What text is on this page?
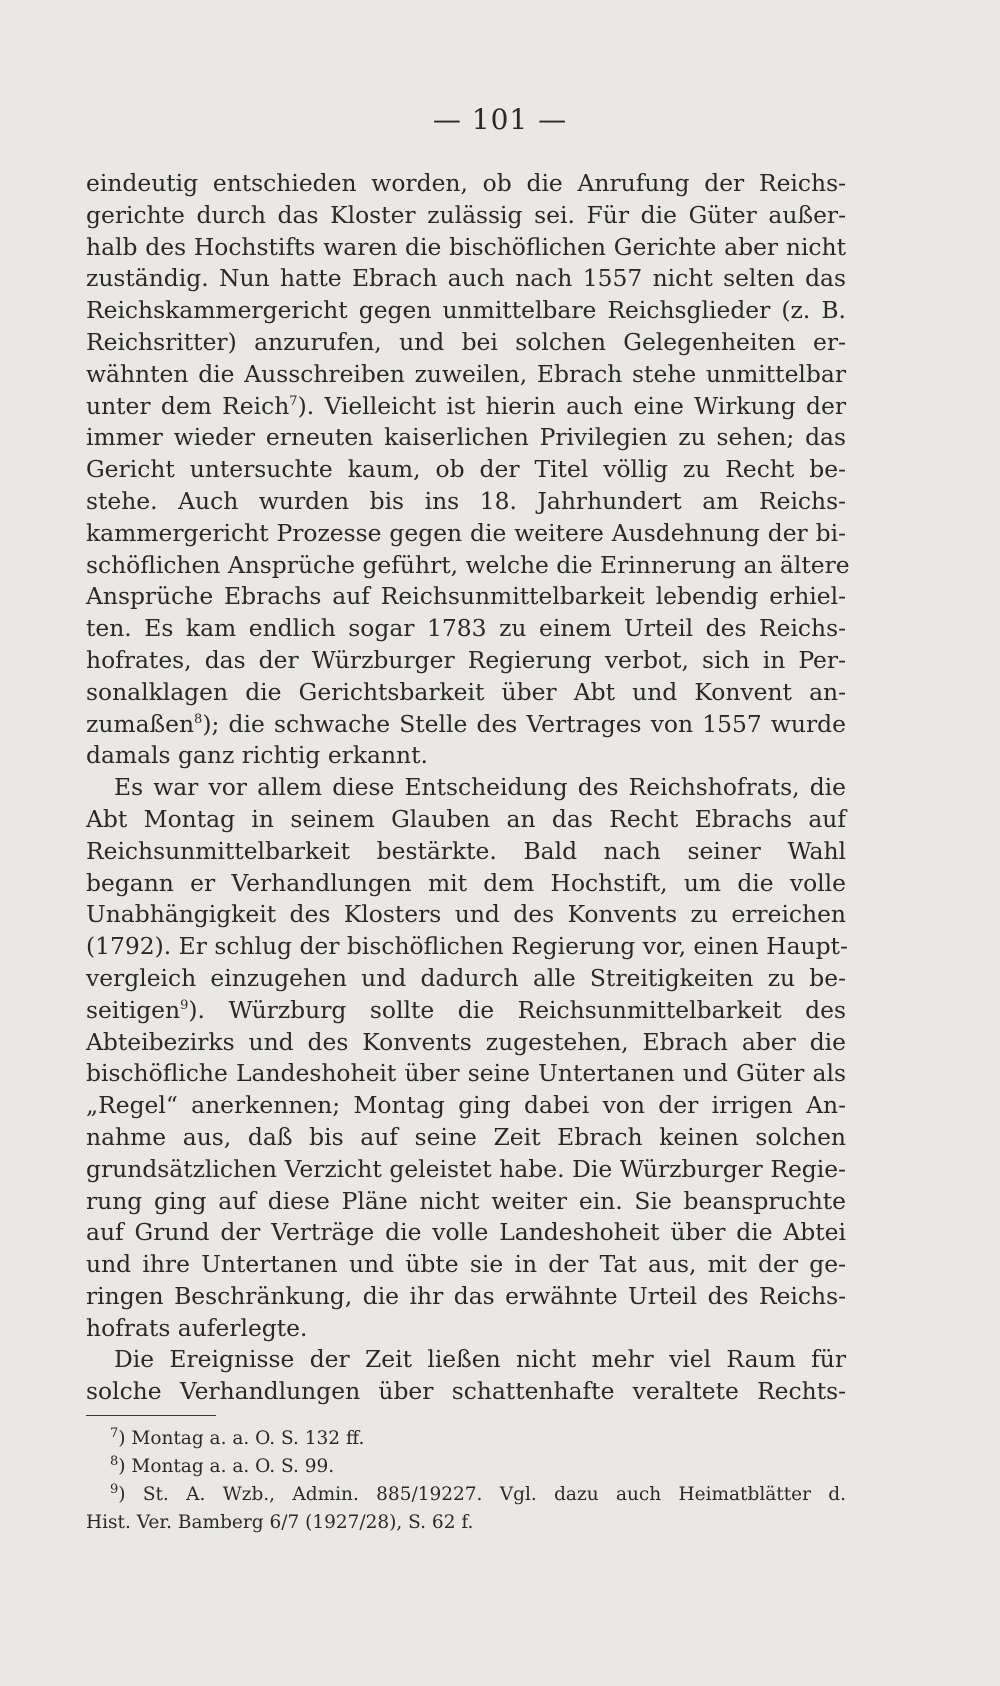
— 101 —
eindeutig entschieden worden, ob die Anrufung der Reichs-
gerichte durch das Kloster zulässig sei. Für die Güter außer-
halb des Hochstifts waren die bischöflichen Gerichte aber nicht
zuständig. Nun hatte Ebrach auch nach 1557 nicht selten das
Reichskammergericht gegen unmittelbare Reichsglieder (z. B.
Reichsritter) anzurufen, und bei solchen Gelegenheiten er-
wähnten die Ausschreiben zuweilen, Ebrach stehe unmittelbar
unter dem Reich$^7$). Vielleicht ist hierin auch eine Wirkung der
immer wieder erneuten kaiserlichen Privilegien zu sehen; das
Gericht untersuchte kaum, ob der Titel völlig zu Recht be-
stehe. Auch wurden bis ins 18. Jahrhundert am Reichs-
kammergericht Prozesse gegen die weitere Ausdehnung der bi-
schöflichen Ansprüche geführt, welche die Erinnerung an ältere
Ansprüche Ebrachs auf Reichsunmittelbarkeit lebendig erhiel-
ten. Es kam endlich sogar 1783 zu einem Urteil des Reichs-
hofrates, das der Würzburger Regierung verbot, sich in Per-
sonalklagen die Gerichtsbarkeit über Abt und Konvent an-
zumaßen$^8$); die schwache Stelle des Vertrages von 1557 wurde
damals ganz richtig erkannt.
Es war vor allem diese Entscheidung des Reichshofrats, die
Abt Montag in seinem Glauben an das Recht Ebrachs auf
Reichsunmittelbarkeit bestärkte. Bald nach seiner Wahl
begann er Verhandlungen mit dem Hochstift, um die volle
Unabhängigkeit des Klosters und des Konvents zu erreichen
(1792). Er schlug der bischöflichen Regierung vor, einen Haupt-
vergleich einzugehen und dadurch alle Streitigkeiten zu be-
seitigen$^9$). Würzburg sollte die Reichsunmittelbarkeit des
Abteibezirks und des Konvents zugestehen, Ebrach aber die
bischöfliche Landeshoheit über seine Untertanen und Güter als
„Regel“ anerkennen; Montag ging dabei von der irrigen An-
nahme aus, daß bis auf seine Zeit Ebrach keinen solchen
grundsätzlichen Verzicht geleistet habe. Die Würzburger Regie-
rung ging auf diese Pläne nicht weiter ein. Sie beanspruchte
auf Grund der Verträge die volle Landeshoheit über die Abtei
und ihre Untertanen und übte sie in der Tat aus, mit der ge-
ringen Beschränkung, die ihr das erwähnte Urteil des Reichs-
hofrats auferlegte.
Die Ereignisse der Zeit ließen nicht mehr viel Raum für
solche Verhandlungen über schattenhafte veraltete Rechts-
$^7$) Montag a. a. O. S. 132 ff.
$^8$) Montag a. a. O. S. 99.
$^9$) St. A. Wzb., Admin. 885/19227. Vgl. dazu auch Heimatblätter d.
Hist. Ver. Bamberg 6/7 (1927/28), S. 62 f.
